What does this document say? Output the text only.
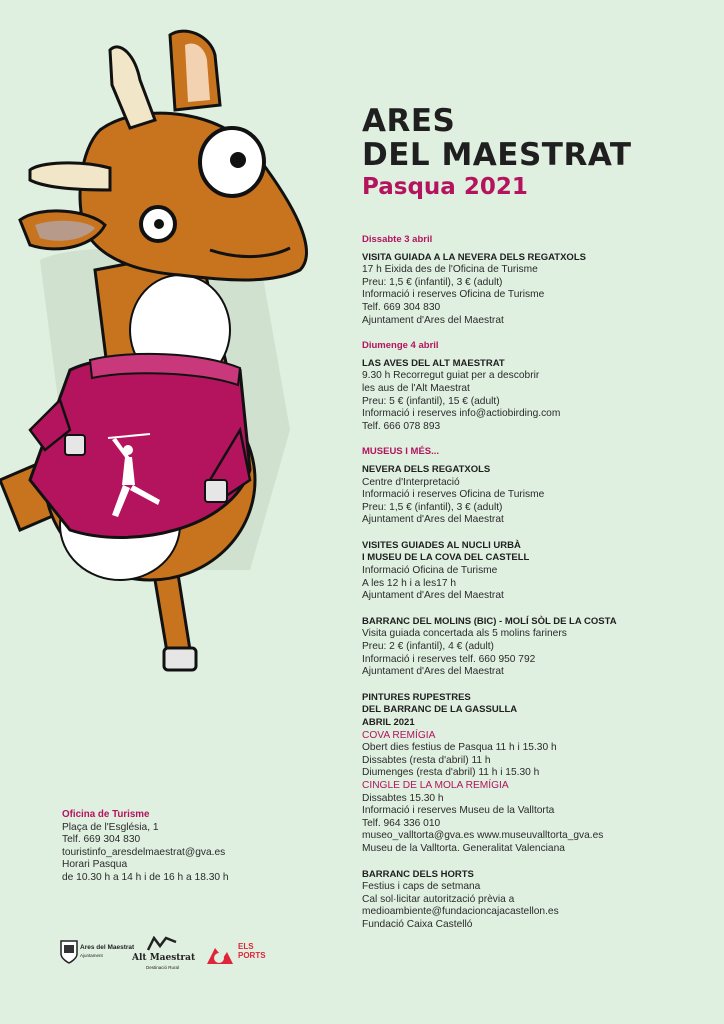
ARES
DEL MAESTRAT
Pasqua 2021
Dissabte 3 abril
VISITA GUIADA A LA NEVERA DELS REGATXOLS
17 h Eixida des de l'Oficina de Turisme
Preu: 1,5 € (infantil), 3 € (adult)
Informació i reserves Oficina de Turisme
Telf. 669 304 830
Ajuntament d'Ares del Maestrat
Diumenge 4 abril
LAS AVES DEL ALT MAESTRAT
9.30 h Recorregut guiat per a descobrir
les aus de l'Alt Maestrat
Preu: 5 € (infantil), 15 € (adult)
Informació i reserves info@actiobirding.com
Telf. 666 078 893
MUSEUS I MÉS...
NEVERA DELS REGATXOLS
Centre d'Interpretació
Informació i reserves Oficina de Turisme
Preu: 1,5 € (infantil), 3 € (adult)
Ajuntament d'Ares del Maestrat
VISITES GUIADES AL NUCLI URBÀ
I MUSEU DE LA COVA DEL CASTELL
Informació Oficina de Turisme
A les 12 h i a les17 h
Ajuntament d'Ares del Maestrat
BARRANC DEL MOLINS (BIC) - MOLÍ SÒL DE LA COSTA
Visita guiada concertada als 5 molins fariners
Preu: 2 € (infantil), 4 € (adult)
Informació i reserves telf. 660 950 792
Ajuntament d'Ares del Maestrat
PINTURES RUPESTRES
DEL BARRANC DE LA GASSULLA
ABRIL 2021
COVA REMÍGIA
Obert dies festius de Pasqua 11 h i 15.30 h
Dissabtes (resta d'abril) 11 h
Diumenges (resta d'abril) 11 h i 15.30 h
CINGLE DE LA MOLA REMÍGIA
Dissabtes 15.30 h
Informació i reserves Museu de la Valltorta
Telf. 964 336 010
museo_valltorta@gva.es www.museuvalltorta_gva.es
Museu de la Valltorta. Generalitat Valenciana
BARRANC DELS HORTS
Festius i caps de setmana
Cal sol·licitar autorització prèvia a
medioambiente@fundacioncajacastellon.es
Fundació Caixa Castelló
Oficina de Turisme
Plaça de l'Església, 1
Telf. 669 304 830
touristinfo_aresdelmaestrat@gva.es
Horari Pasqua
de 10.30 h a 14 h i de 16 h a 18.30 h
Ares del Maestrat
Ajuntament	Alt Maestrat
Destinació Rural
ELS
PORTS
